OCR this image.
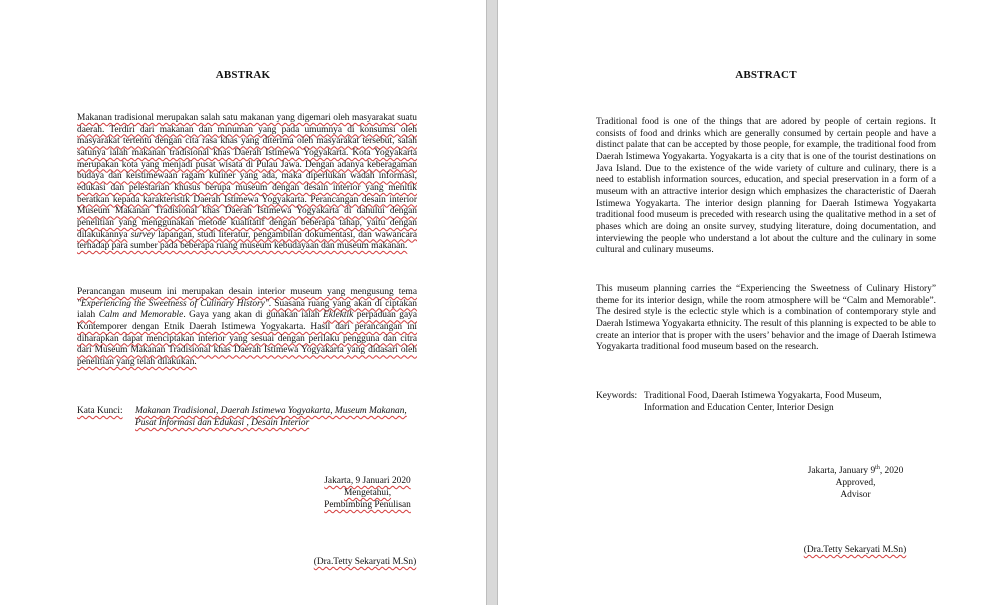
ABSTRAK

Makanan tradisional merupakan salah satu makanan yang digemari oleh masyarakat suatu daerah. Terdiri dari makanan dan minuman yang pada umumnya di konsumsi oleh masyarakat tertentu dengan cita rasa khas yang diterima oleh masyarakat tersebut, salah satunya ialah makanan tradisional khas Daerah Istimewa Yogyakarta. Kota Yogyakarta merupakan kota yang menjadi pusat wisata di Pulau Jawa. Dengan adanya keberagaman budaya dan keistimewaan ragam kuliner yang ada, maka diperlukan wadah informasi, edukasi dan pelestarian khusus berupa museum dengan desain interior yang menitik beratkan kepada karakteristik Daerah Istimewa Yogyakarta. Perancangan desain interior Museum Makanan Tradisional khas Daerah Istimewa Yogyakarta di dahului dengan penelitian yang menggunakan metode kualitatif dengan beberapa tahap, yaitu dengan dilakukannya survey lapangan, studi literatur, pengambilan dokumentasi, dan wawancara terhadap para sumber pada beberapa ruang museum kebudayaan dan museum makanan.

Perancangan museum ini merupakan desain interior museum yang mengusung tema "Experiencing the Sweetness of Culinary History". Suasana ruang yang akan di ciptakan ialah Calm and Memorable. Gaya yang akan di gunakan ialah Eklektik perpaduan gaya Kontemporer dengan Etnik Daerah Istimewa Yogyakarta. Hasil dari perancangan ini diharapkan dapat menciptakan interior yang sesuai dengan perilaku pengguna dan citra dari Museum Makanan Tradisional khas Daerah Istimewa Yogyakarta yang didasari oleh penelitian yang telah dilakukan.

Kata Kunci:	Makanan Tradisional, Daerah Istimewa Yogyakarta, Museum Makanan, Pusat Informasi dan Edukasi , Desain Interior
Jakarta, 9 Januari 2020
Mengetahui,
Pembimbing Penulisan
(Dra.Tetty Sekaryati M.Sn)
ABSTRACT

Traditional food is one of the things that are adored by people of certain regions. It consists of food and drinks which are generally consumed by certain people and have a distinct palate that can be accepted by those people, for example, the traditional food from Daerah Istimewa Yogyakarta. Yogyakarta is a city that is one of the tourist destinations on Java Island. Due to the existence of the wide variety of culture and culinary, there is a need to establish information sources, education, and special preservation in a form of a museum with an attractive interior design which emphasizes the characteristic of Daerah Istimewa Yogyakarta. The interior design planning for Daerah Istimewa Yogyakarta traditional food museum is preceded with research using the qualitative method in a set of phases which are doing an onsite survey, studying literature, doing documentation, and interviewing the people who understand a lot about the culture and the culinary in some cultural and culinary museums.

This museum planning carries the “Experiencing the Sweetness of Culinary History” theme for its interior design, while the room atmosphere will be “Calm and Memorable”. The desired style is the eclectic style which is a combination of contemporary style and Daerah Istimewa Yogyakarta ethnicity. The result of this planning is expected to be able to create an interior that is proper with the users’ behavior and the image of Daerah Istimewa Yogyakarta traditional food museum based on the research.

Keywords: Traditional Food, Daerah Istimewa Yogyakarta, Food Museum,
Information and Education Center, Interior Design
Jakarta, January 9th, 2020
Approved,
Advisor
(Dra.Tetty Sekaryati M.Sn)
